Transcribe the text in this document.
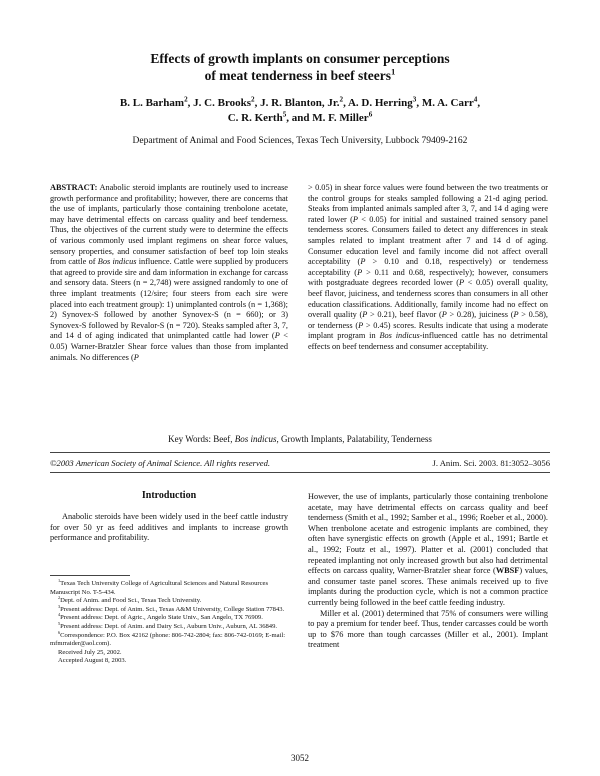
Effects of growth implants on consumer perceptions
of meat tenderness in beef steers$^1$
B. L. Barham$^2$, J. C. Brooks$^2$, J. R. Blanton, Jr.$^2$, A. D. Herring$^3$, M. A. Carr$^4$,
C. R. Kerth$^5$, and M. F. Miller$^6$
Department of Animal and Food Sciences, Texas Tech University, Lubbock 79409-2162

ABSTRACT: Anabolic steroid implants are routinely used to increase growth performance and profitability; however, there are concerns that the use of implants, particularly those containing trenbolone acetate, may have detrimental effects on carcass quality and beef tenderness. Thus, the objectives of the current study were to determine the effects of various commonly used implant regimens on shear force values, sensory properties, and consumer satisfaction of beef top loin steaks from cattle of Bos indicus influence. Cattle were supplied by producers that agreed to provide sire and dam information in exchange for carcass and sensory data. Steers (n = 2,748) were assigned randomly to one of three implant treatments (12/sire; four steers from each sire were placed into each treatment group): 1) unimplanted controls (n = 1,368); 2) Synovex-S followed by another Synovex-S (n = 660); or 3) Synovex-S followed by Revalor-S (n = 720). Steaks sampled after 3, 7, and 14 d of aging indicated that unimplanted cattle had lower (P < 0.05) Warner-Bratzler Shear force values than those from implanted animals. No differences (P

> 0.05) in shear force values were found between the two treatments or the control groups for steaks sampled following a 21-d aging period. Steaks from implanted animals sampled after 3, 7, and 14 d aging were rated lower (P < 0.05) for initial and sustained trained sensory panel tenderness scores. Consumers failed to detect any differences in steak samples related to implant treatment after 7 and 14 d of aging. Consumer education level and family income did not affect overall acceptability (P > 0.10 and 0.18, respectively) or tenderness acceptability (P > 0.11 and 0.68, respectively); however, consumers with postgraduate degrees recorded lower (P < 0.05) overall quality, beef flavor, juiciness, and tenderness scores than consumers in all other education classifications. Additionally, family income had no effect on overall quality (P > 0.21), beef flavor (P > 0.28), juiciness (P > 0.58), or tenderness (P > 0.45) scores. Results indicate that using a moderate implant program in Bos indicus-influenced cattle has no detrimental effects on beef tenderness and consumer acceptability.

Key Words: Beef, Bos indicus, Growth Implants, Palatability, Tenderness
©2003 American Society of Animal Science. All rights reserved.	J. Anim. Sci. 2003. 81:3052–3056
Introduction

Anabolic steroids have been widely used in the beef cattle industry for over 50 yr as feed additives and implants to increase growth performance and profitability.

$^1$Texas Tech University College of Agricultural Sciences and Natural Resources Manuscript No. T-5-434.

$^2$Dept. of Anim. and Food Sci., Texas Tech University.

$^3$Present address: Dept. of Anim. Sci., Texas A&M University, College Station 77843.

$^4$Present address: Dept. of Agric., Angelo State Univ., San Angelo, TX 76909.

$^5$Present address: Dept. of Anim. and Dairy Sci., Auburn Univ., Auburn, AL 36849.

$^6$Correspondence: P.O. Box 42162 (phone: 806-742-2804; fax: 806-742-0169; E-mail: mfmrraider@aol.com).

Received July 25, 2002.

Accepted August 8, 2003.

However, the use of implants, particularly those containing trenbolone acetate, may have detrimental effects on carcass quality and beef tenderness (Smith et al., 1992; Samber et al., 1996; Roeber et al., 2000). When trenbolone acetate and estrogenic implants are combined, they often have synergistic effects on growth (Apple et al., 1991; Bartle et al., 1992; Foutz et al., 1997). Platter et al. (2001) concluded that repeated implanting not only increased growth but also had detrimental effects on carcass quality, Warner-Bratzler shear force (WBSF) values, and consumer taste panel scores. These animals received up to five implants during the production cycle, which is not a common practice currently being followed in the beef cattle feeding industry.

Miller et al. (2001) determined that 75% of consumers were willing to pay a premium for tender beef. Thus, tender carcasses could be worth up to $76 more than tough carcasses (Miller et al., 2001). Implant treatment

3052
